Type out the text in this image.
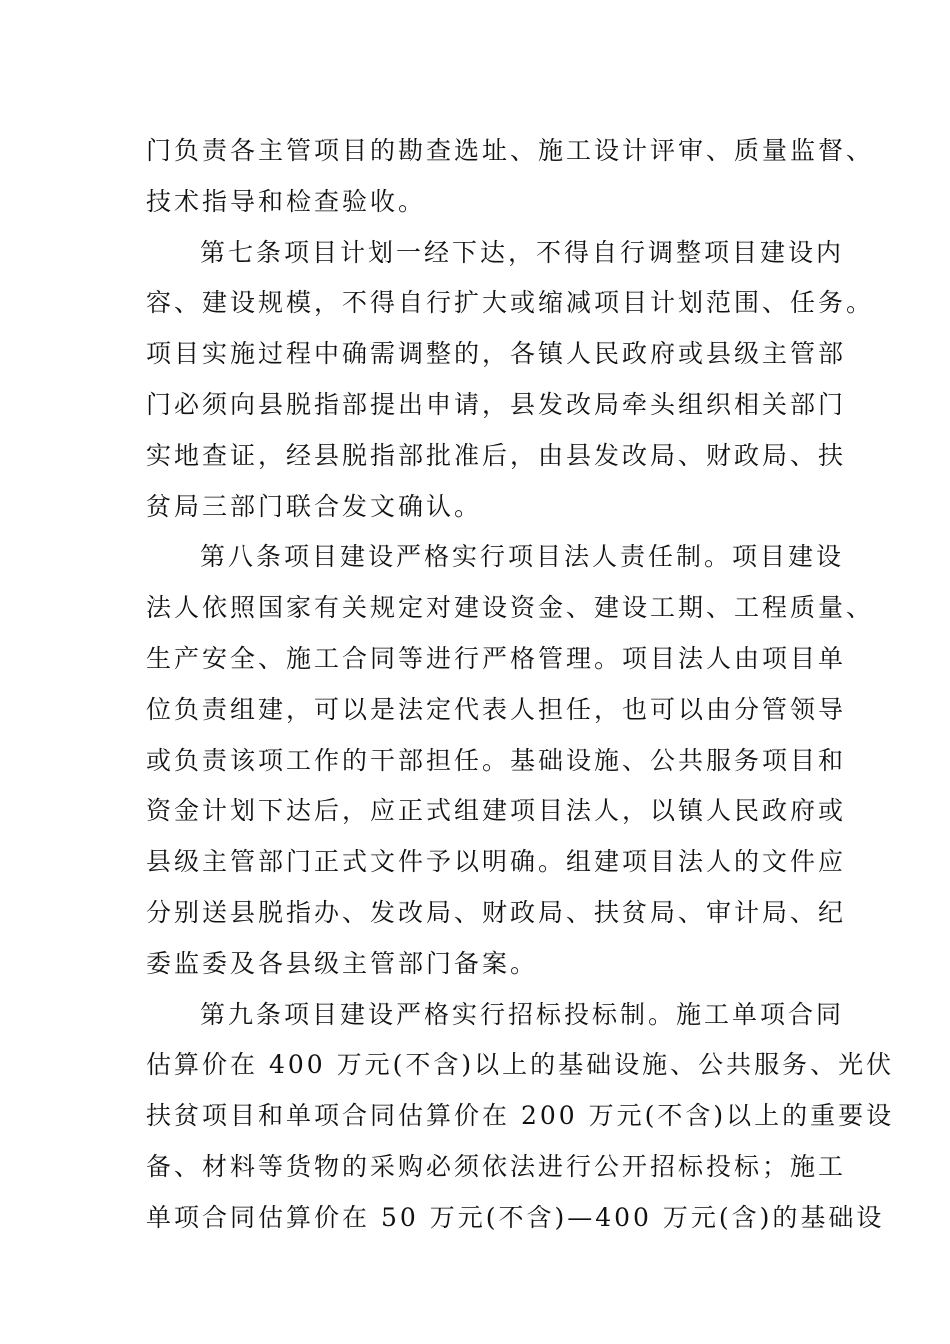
门负责各主管项目的勘查选址、施工设计评审、质量监督、
技术指导和检查验收。
第七条项目计划一经下达，不得自行调整项目建设内
容、建设规模，不得自行扩大或缩减项目计划范围、任务。
项目实施过程中确需调整的，各镇人民政府或县级主管部
门必须向县脱指部提出申请，县发改局牵头组织相关部门
实地查证，经县脱指部批准后，由县发改局、财政局、扶
贫局三部门联合发文确认。
第八条项目建设严格实行项目法人责任制。项目建设
法人依照国家有关规定对建设资金、建设工期、工程质量、
生产安全、施工合同等进行严格管理。项目法人由项目单
位负责组建，可以是法定代表人担任，也可以由分管领导
或负责该项工作的干部担任。基础设施、公共服务项目和
资金计划下达后，应正式组建项目法人，以镇人民政府或
县级主管部门正式文件予以明确。组建项目法人的文件应
分别送县脱指办、发改局、财政局、扶贫局、审计局、纪
委监委及各县级主管部门备案。
第九条项目建设严格实行招标投标制。施工单项合同
估算价在 400 万元(不含)以上的基础设施、公共服务、光伏
扶贫项目和单项合同估算价在 200 万元(不含)以上的重要设
备、材料等货物的采购必须依法进行公开招标投标；施工
单项合同估算价在 50 万元(不含)—400 万元(含)的基础设
